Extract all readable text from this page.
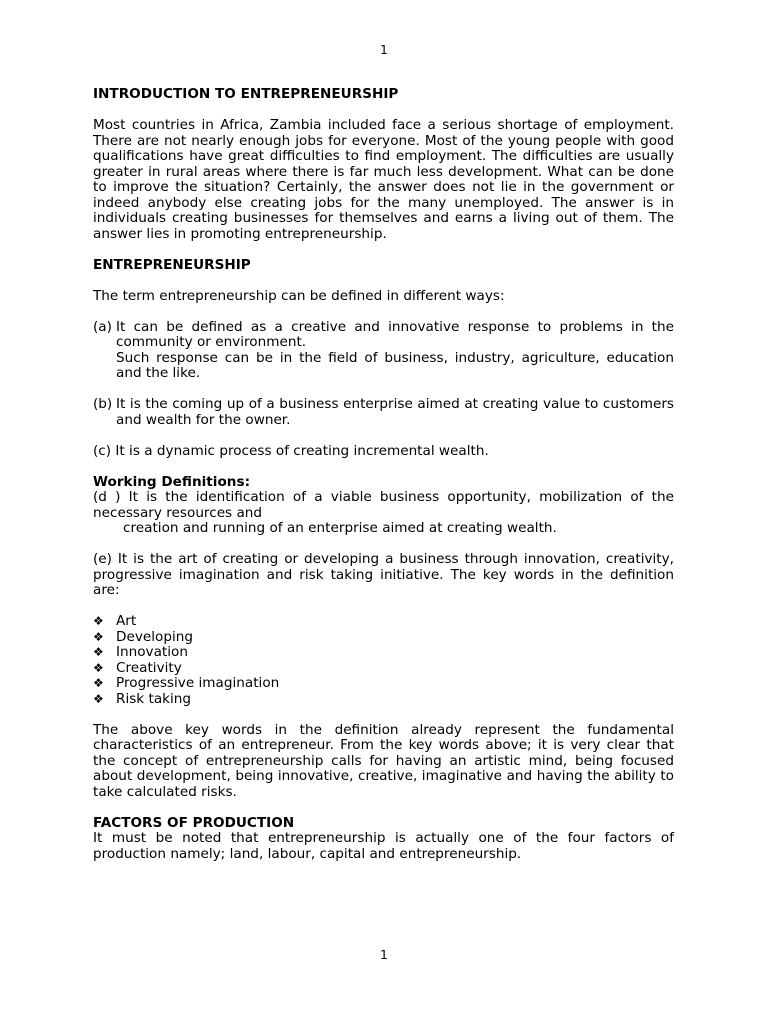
1
INTRODUCTION TO ENTREPRENEURSHIP

Most countries in Africa, Zambia included face a serious shortage of employment. There are not nearly enough jobs for everyone. Most of the young people with good qualifications have great difficulties to find employment. The difficulties are usually greater in rural areas where there is far much less development. What can be done to improve the situation? Certainly, the answer does not lie in the government or indeed anybody else creating jobs for the many unemployed. The answer is in individuals creating businesses for themselves and earns a living out of them. The answer lies in promoting entrepreneurship.

ENTREPRENEURSHIP

The term entrepreneurship can be defined in different ways:

(a) It can be defined as a creative and innovative response to problems in the community or environment.
Such response can be in the field of business, industry, agriculture, education and the like.
(b) It is the coming up of a business enterprise aimed at creating value to customers and wealth for the owner.

(c) It is a dynamic process of creating incremental wealth.

Working Definitions:

(d ) It is the identification of a viable business opportunity, mobilization of the necessary resources and

creation and running of an enterprise aimed at creating wealth.

(e) It is the art of creating or developing a business through innovation, creativity, progressive imagination and risk taking initiative. The key words in the definition are:

❖ Art
❖ Developing
❖ Innovation
❖ Creativity
❖ Progressive imagination
❖ Risk taking

The above key words in the definition already represent the fundamental characteristics of an entrepreneur. From the key words above; it is very clear that the concept of entrepreneurship calls for having an artistic mind, being focused about development, being innovative, creative, imaginative and having the ability to take calculated risks.

FACTORS OF PRODUCTION

It must be noted that entrepreneurship is actually one of the four factors of production namely; land, labour, capital and entrepreneurship.

1
